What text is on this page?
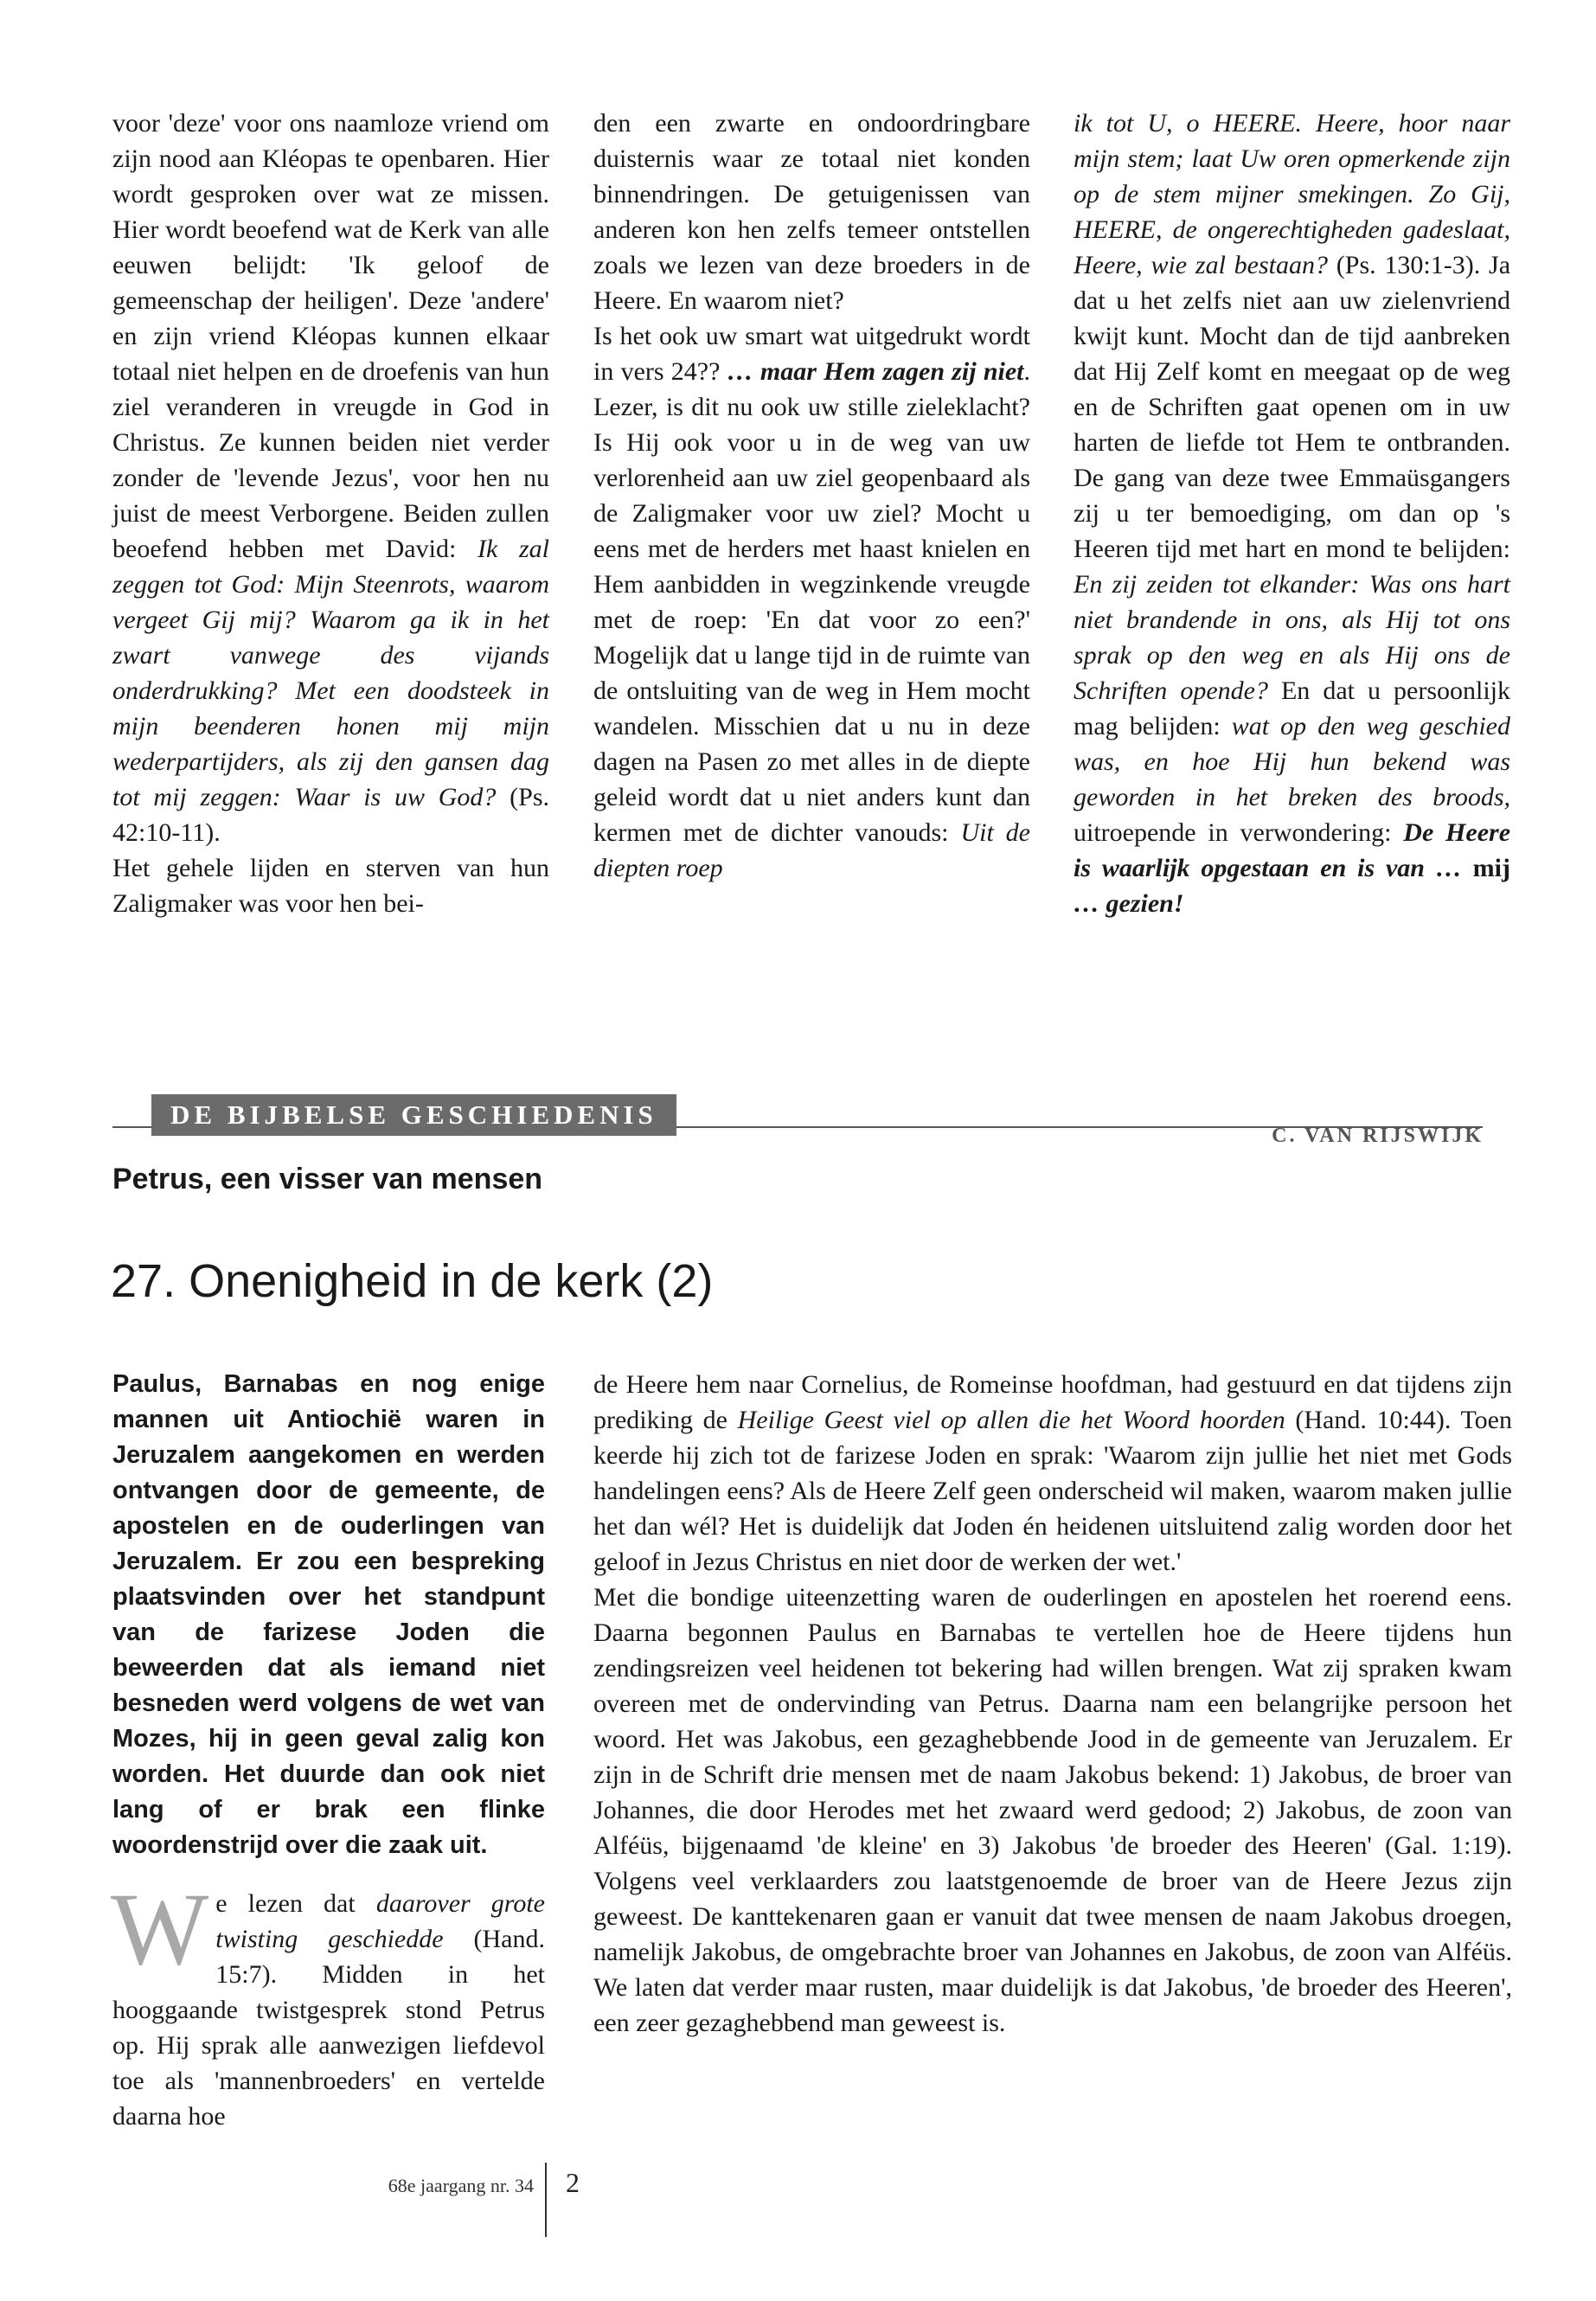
voor 'deze' voor ons naamloze vriend om zijn nood aan Kléopas te openbaren. Hier wordt gesproken over wat ze missen. Hier wordt beoefend wat de Kerk van alle eeuwen belijdt: 'Ik geloof de gemeenschap der heiligen'. Deze 'andere' en zijn vriend Kléopas kunnen elkaar totaal niet helpen en de droefenis van hun ziel veranderen in vreugde in God in Christus. Ze kunnen beiden niet verder zonder de 'levende Jezus', voor hen nu juist de meest Verborgene. Beiden zullen beoefend hebben met David: Ik zal zeggen tot God: Mijn Steenrots, waarom vergeet Gij mij? Waarom ga ik in het zwart vanwege des vijands onderdrukking? Met een doodsteek in mijn beenderen honen mij mijn wederpartijders, als zij den gansen dag tot mij zeggen: Waar is uw God? (Ps. 42:10-11).
Het gehele lijden en sterven van hun Zaligmaker was voor hen bei-
den een zwarte en ondoordringbare duisternis waar ze totaal niet konden binnendringen. De getuigenissen van anderen kon hen zelfs temeer ontstellen zoals we lezen van deze broeders in de Heere. En waarom niet?
Is het ook uw smart wat uitgedrukt wordt in vers 24?? … maar Hem zagen zij niet. Lezer, is dit nu ook uw stille zieleklacht? Is Hij ook voor u in de weg van uw verlorenheid aan uw ziel geopenbaard als de Zaligmaker voor uw ziel? Mocht u eens met de herders met haast knielen en Hem aanbidden in wegzinkende vreugde met de roep: 'En dat voor zo een?' Mogelijk dat u lange tijd in de ruimte van de ontsluiting van de weg in Hem mocht wandelen. Misschien dat u nu in deze dagen na Pasen zo met alles in de diepte geleid wordt dat u niet anders kunt dan kermen met de dichter vanouds: Uit de diepten roep
ik tot U, o HEERE. Heere, hoor naar mijn stem; laat Uw oren opmerkende zijn op de stem mijner smekingen. Zo Gij, HEERE, de ongerechtigheden gadeslaat, Heere, wie zal bestaan? (Ps. 130:1-3). Ja dat u het zelfs niet aan uw zielenvriend kwijt kunt. Mocht dan de tijd aanbreken dat Hij Zelf komt en meegaat op de weg en de Schriften gaat openen om in uw harten de liefde tot Hem te ontbranden. De gang van deze twee Emmaüsgangers zij u ter bemoediging, om dan op 's Heeren tijd met hart en mond te belijden: En zij zeiden tot elkander: Was ons hart niet brandende in ons, als Hij tot ons sprak op den weg en als Hij ons de Schriften opende? En dat u persoonlijk mag belijden: wat op den weg geschied was, en hoe Hij hun bekend was geworden in het breken des broods, uitroepende in verwondering: De Heere is waarlijk opgestaan en is van … mij … gezien!
DE BIJBELSE GESCHIEDENIS
C. VAN RIJSWIJK
Petrus, een visser van mensen
27. Onenigheid in de kerk (2)
Paulus, Barnabas en nog enige mannen uit Antiochië waren in Jeruzalem aangekomen en werden ontvangen door de gemeente, de apostelen en de ouderlingen van Jeruzalem. Er zou een bespreking plaatsvinden over het standpunt van de farizese Joden die beweerden dat als iemand niet besneden werd volgens de wet van Mozes, hij in geen geval zalig kon worden. Het duurde dan ook niet lang of er brak een flinke woordenstrijd over die zaak uit.
We lezen dat daarover grote twisting geschiedde (Hand. 15:7). Midden in het hooggaande twistgesprek stond Petrus op. Hij sprak alle aanwezigen liefdevol toe als 'mannenbroeders' en vertelde daarna hoe

de Heere hem naar Cornelius, de Romeinse hoofdman, had gestuurd en dat tijdens zijn prediking de Heilige Geest viel op allen die het Woord hoorden (Hand. 10:44). Toen keerde hij zich tot de farizese Joden en sprak: 'Waarom zijn jullie het niet met Gods handelingen eens? Als de Heere Zelf geen onderscheid wil maken, waarom maken jullie het dan wél? Het is duidelijk dat Joden én heidenen uitsluitend zalig worden door het geloof in Jezus Christus en niet door de werken der wet.'

Met die bondige uiteenzetting waren de ouderlingen en apostelen het roerend eens. Daarna begonnen Paulus en Barnabas te vertellen hoe de Heere tijdens hun zendingsreizen veel heidenen tot bekering had willen brengen. Wat zij spraken kwam overeen met de ondervinding van Petrus. Daarna nam een belangrijke persoon het woord. Het was Jakobus, een gezaghebbende Jood in de gemeente van Jeruzalem. Er zijn in de Schrift drie mensen met de naam Jakobus bekend: 1) Jakobus, de broer van Johannes, die door Herodes met het zwaard werd gedood; 2) Jakobus, de zoon van Alféüs, bijgenaamd 'de kleine' en 3) Jakobus 'de broeder des Heeren' (Gal. 1:19). Volgens veel verklaarders zou laatstgenoemde de broer van de Heere Jezus zijn geweest. De kanttekenaren gaan er vanuit dat twee mensen de naam Jakobus droegen, namelijk Jakobus, de omgebrachte broer van Johannes en Jakobus, de zoon van Alféüs. We laten dat verder maar rusten, maar duidelijk is dat Jakobus, 'de broeder des Heeren', een zeer gezaghebbend man geweest is.

68e jaargang nr. 34 2
